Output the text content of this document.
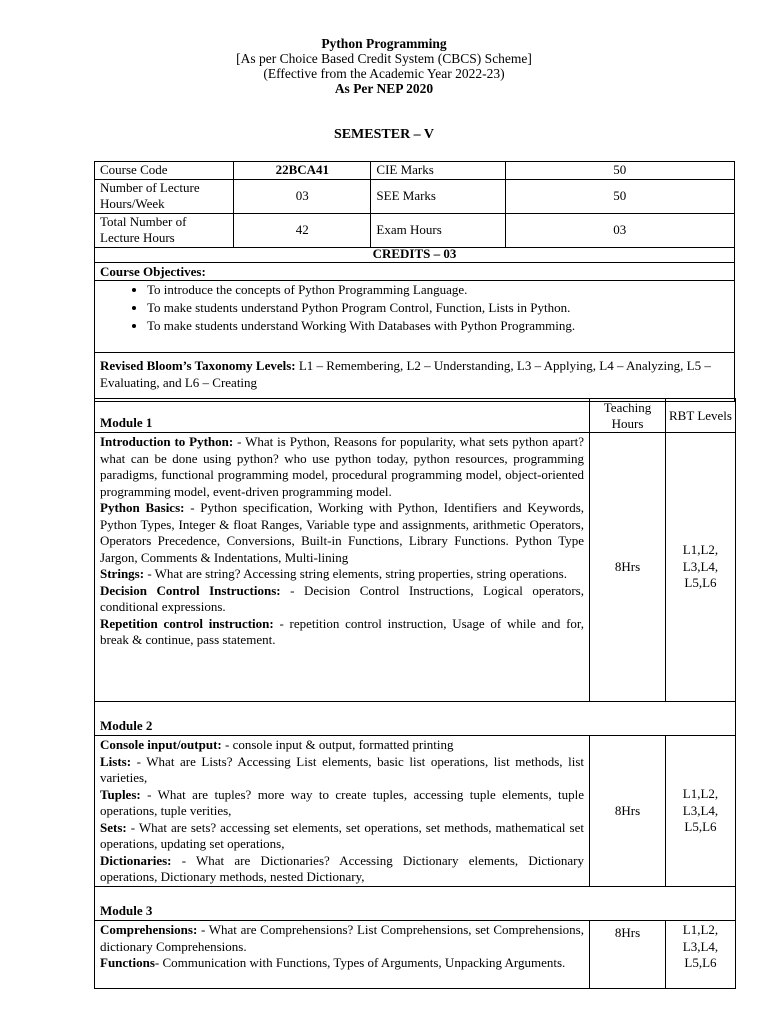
Python Programming
[As per Choice Based Credit System (CBCS) Scheme]
(Effective from the Academic Year 2022-23)
As Per NEP 2020
SEMESTER – V
Course Code	22BCA41	CIE Marks	50
Number of Lecture Hours/Week	03	SEE Marks	50
Total Number of Lecture Hours	42	Exam Hours	03
CREDITS – 03
Course Objectives:
• To introduce the concepts of Python Programming Language.
• To make students understand Python Program Control, Function, Lists in Python.
• To make students understand Working With Databases with Python Programming.
Revised Bloom’s Taxonomy Levels: L1 – Remembering, L2 – Understanding, L3 – Applying, L4 – Analyzing, L5 – Evaluating, and L6 – Creating
Module 1	Teaching Hours	RBT Levels

Introduction to Python: - What is Python, Reasons for popularity, what sets python apart? what can be done using python? who use python today, python resources, programming paradigms, functional programming model, procedural programming model, object-oriented programming model, event-driven programming model.

Python Basics: - Python specification, Working with Python, Identifiers and Keywords, Python Types, Integer & float Ranges, Variable type and assignments, arithmetic Operators, Operators Precedence, Conversions, Built-in Functions, Library Functions. Python Type Jargon, Comments & Indentations, Multi-lining

Strings: - What are string? Accessing string elements, string properties, string operations.

Decision Control Instructions: - Decision Control Instructions, Logical operators, conditional expressions.

Repetition control instruction: - repetition control instruction, Usage of while and for, break & continue, pass statement.	8Hrs	L1,L2, L3,L4, L5,L6
Module 2		

Console input/output: - console input & output, formatted printing

Lists: - What are Lists? Accessing List elements, basic list operations, list methods, list varieties,

Tuples: - What are tuples? more way to create tuples, accessing tuple elements, tuple operations, tuple verities,

Sets: - What are sets? accessing set elements, set operations, set methods, mathematical set operations, updating set operations,

Dictionaries: - What are Dictionaries? Accessing Dictionary elements, Dictionary operations, Dictionary methods, nested Dictionary,	8Hrs	L1,L2, L3,L4, L5,L6
Module 3		

Comprehensions: - What are Comprehensions? List Comprehensions, set Comprehensions, dictionary Comprehensions.

Functions- Communication with Functions, Types of Arguments, Unpacking Arguments.	8Hrs	L1,L2, L3,L4, L5,L6
